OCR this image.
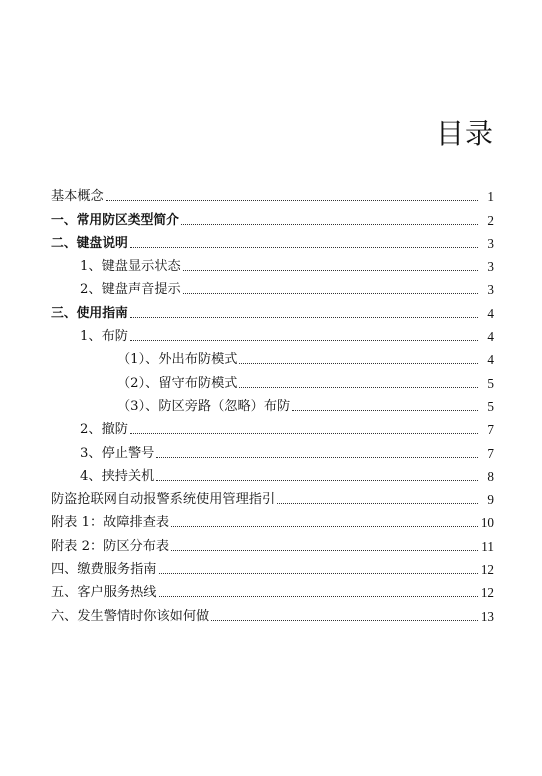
目录
基本概念	1
一、常用防区类型简介	2
二、键盘说明	3
1、键盘显示状态	3
2、键盘声音提示	3
三、使用指南	4
1、布防	4
（1）、外出布防模式	4
（2）、留守布防模式	5
（3）、防区旁路（忽略）布防	5
2、撤防	7
3、停止警号	7
4、挟持关机	8
防盗抢联网自动报警系统使用管理指引	9
附表 1：故障排查表	10
附表 2：防区分布表	11
四、缴费服务指南	12
五、客户服务热线	12
六、发生警情时你该如何做	13
